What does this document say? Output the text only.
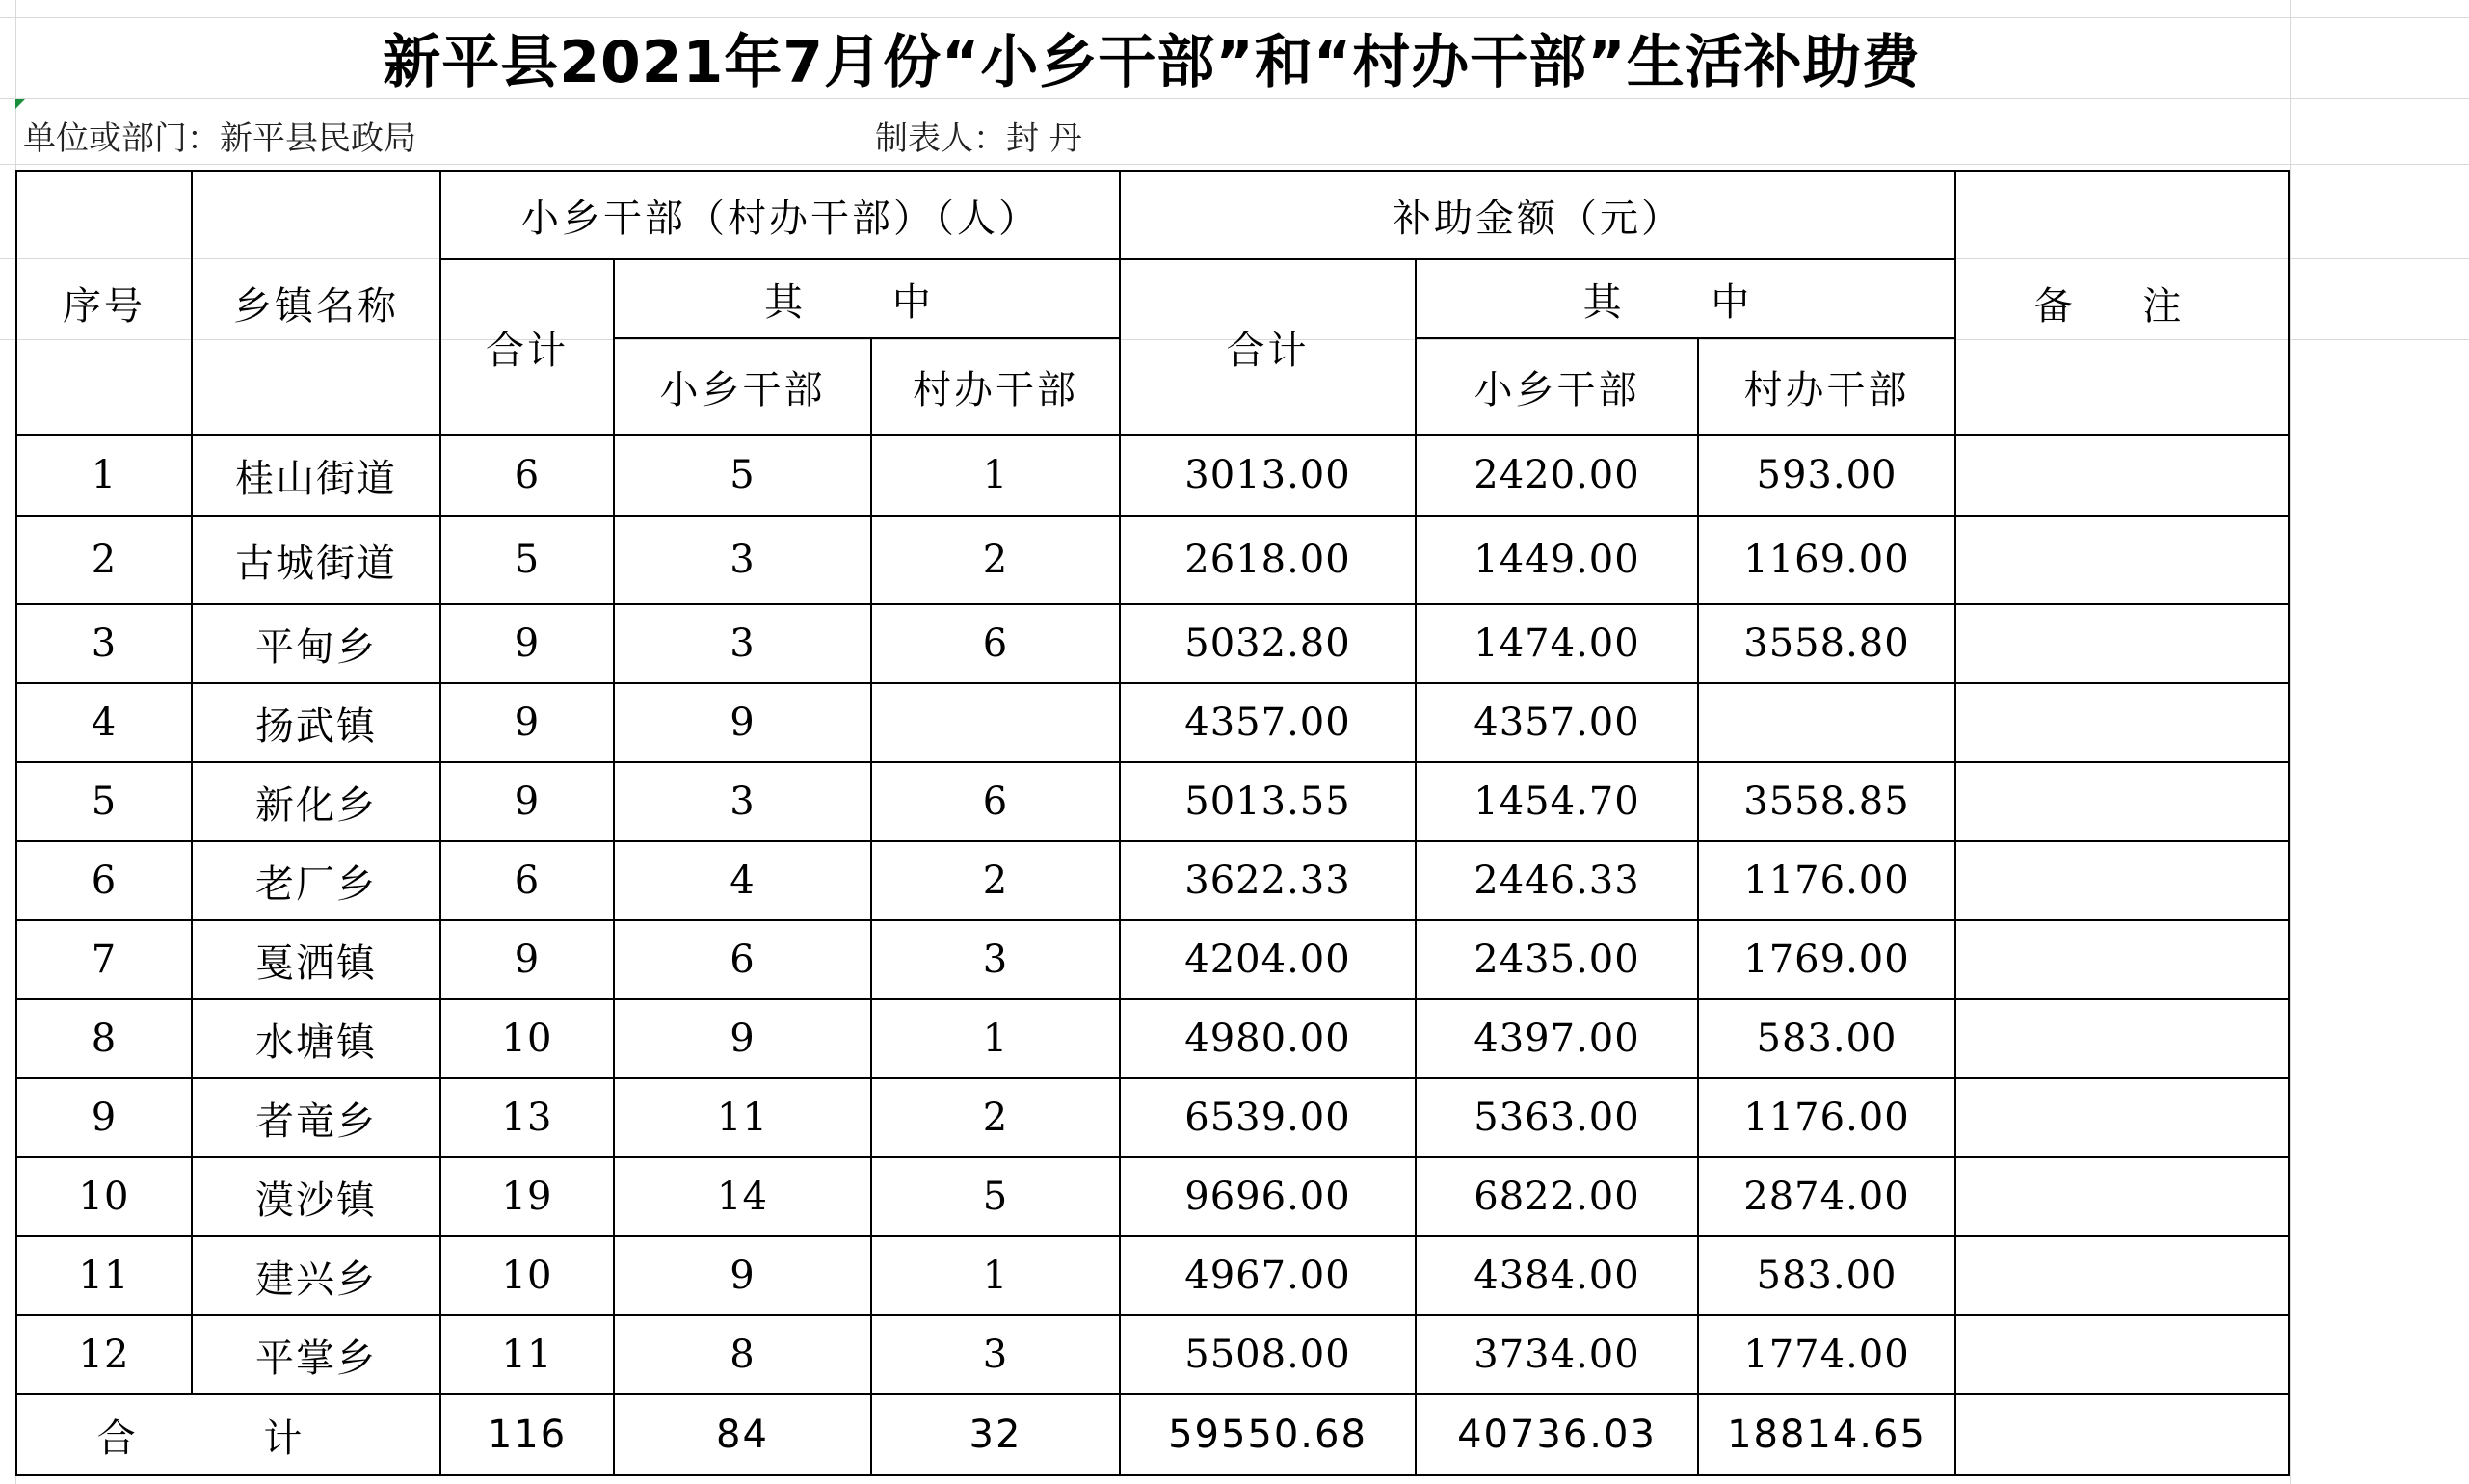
新平县2021年7月份“小乡干部”和“村办干部”生活补助费
单位或部门：新平县民政局	制表人：封 丹
序号	乡镇名称	小乡干部（村办干部）（人）			补助金额（元）			备 注
		合计	其 中		合计	其 中		
			小乡干部	村办干部		小乡干部	村办干部	
1	桂山街道	6	5	1	3013.00	2420.00	593.00	
2	古城街道	5	3	2	2618.00	1449.00	1169.00	
3	平甸乡	9	3	6	5032.80	1474.00	3558.80	
4	扬武镇	9	9		4357.00	4357.00		
5	新化乡	9	3	6	5013.55	1454.70	3558.85	
6	老厂乡	6	4	2	3622.33	2446.33	1176.00	
7	戛洒镇	9	6	3	4204.00	2435.00	1769.00	
8	水塘镇	10	9	1	4980.00	4397.00	583.00	
9	者竜乡	13	11	2	6539.00	5363.00	1176.00	
10	漠沙镇	19	14	5	9696.00	6822.00	2874.00	
11	建兴乡	10	9	1	4967.00	4384.00	583.00	
12	平掌乡	11	8	3	5508.00	3734.00	1774.00	
合 计		116	84	32	59550.68	40736.03	18814.65	
